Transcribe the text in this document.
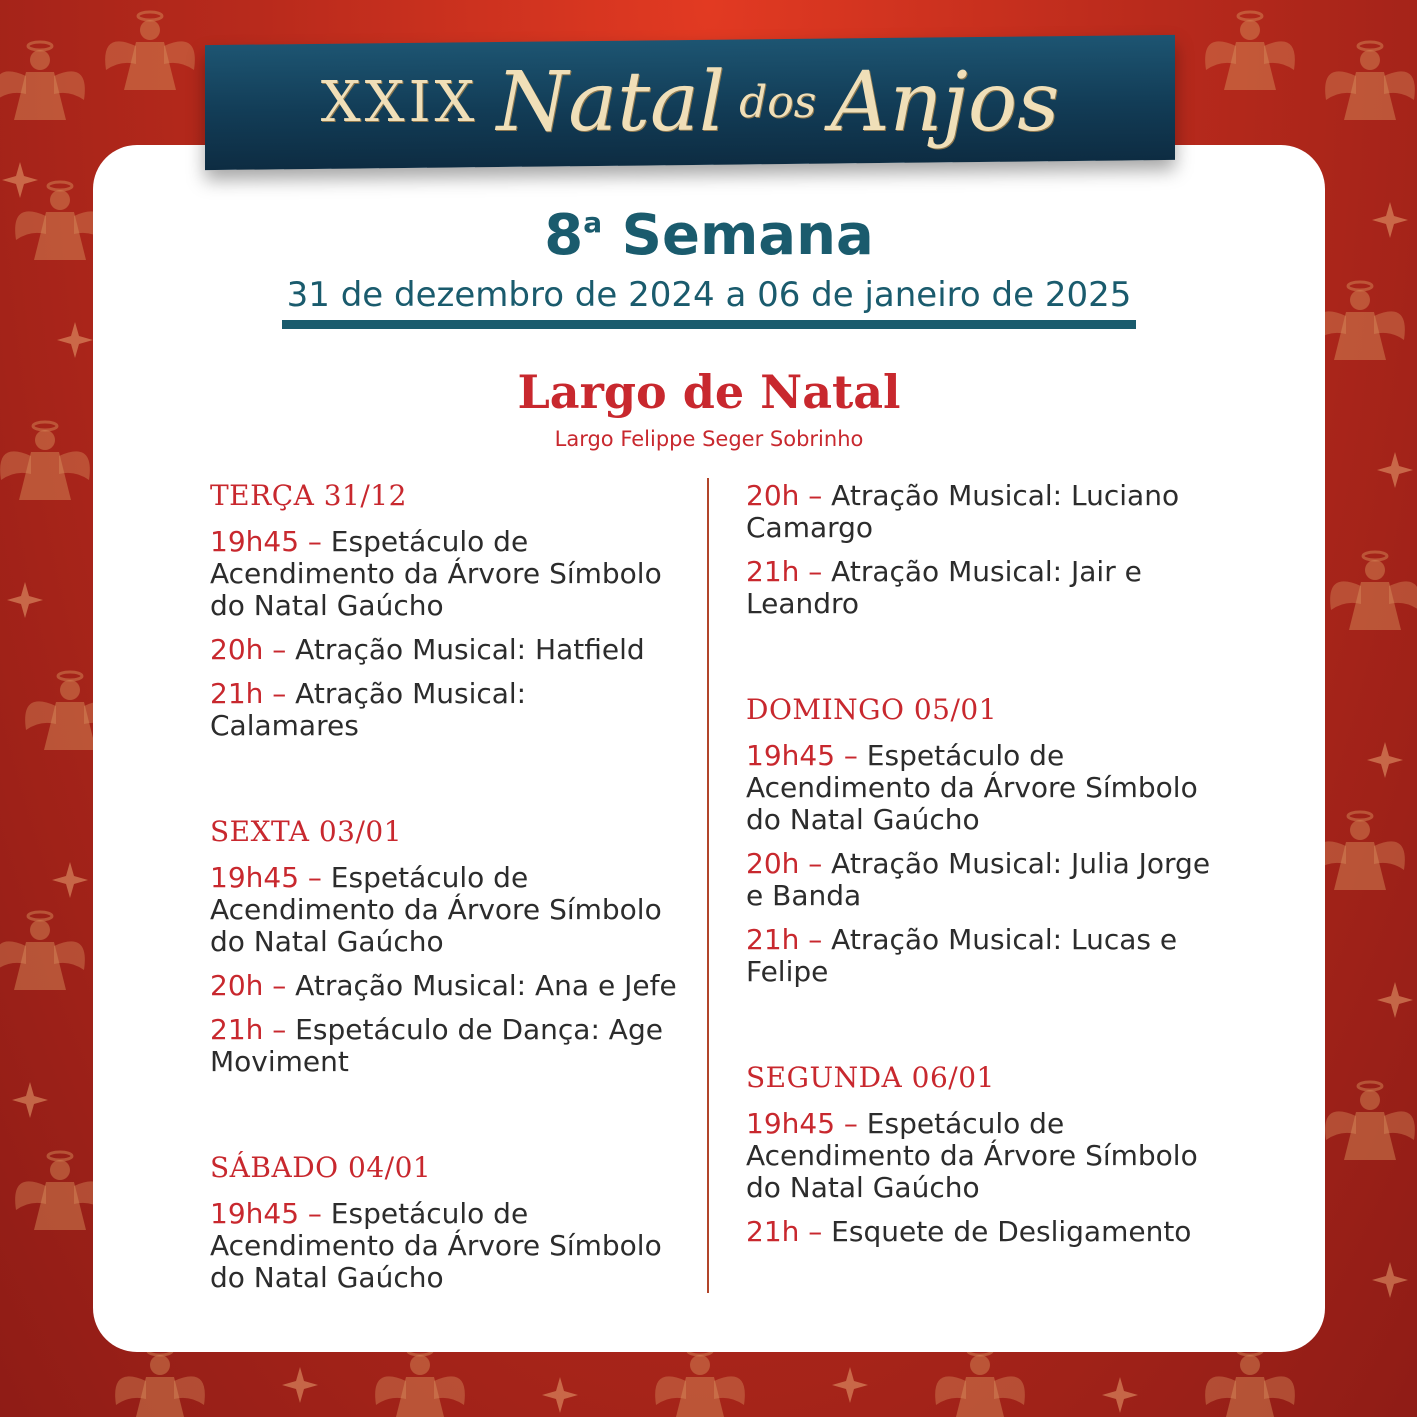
XXIX Natal dos Anjos
8$^a$ Semana
31 de dezembro de 2024 a 06 de janeiro de 2025
Largo de Natal
Largo Felippe Seger Sobrinho
TERÇA 31/12
19h45 – Espetáculo de Acendimento da Árvore Símbolo do Natal Gaúcho
20h – Atração Musical: Hatfield
21h – Atração Musical: Calamares
SEXTA 03/01
19h45 – Espetáculo de Acendimento da Árvore Símbolo do Natal Gaúcho
20h – Atração Musical: Ana e Jefe
21h – Espetáculo de Dança: Age Moviment
SÁBADO 04/01
19h45 – Espetáculo de Acendimento da Árvore Símbolo do Natal Gaúcho
20h – Atração Musical: Luciano Camargo
21h – Atração Musical: Jair e Leandro
DOMINGO 05/01
19h45 – Espetáculo de Acendimento da Árvore Símbolo do Natal Gaúcho
20h – Atração Musical: Julia Jorge e Banda
21h – Atração Musical: Lucas e Felipe
SEGUNDA 06/01
19h45 – Espetáculo de Acendimento da Árvore Símbolo do Natal Gaúcho
21h – Esquete de Desligamento
